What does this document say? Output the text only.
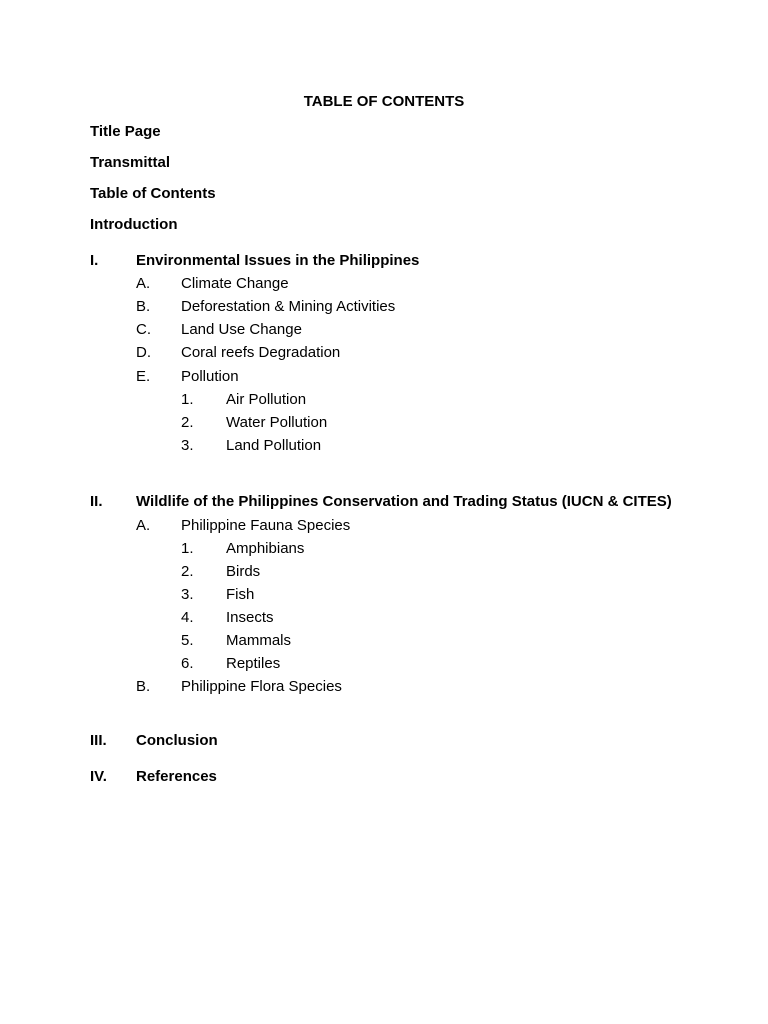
TABLE OF CONTENTS
Title Page
Transmittal
Table of Contents
Introduction
I.	Environmental Issues in the Philippines
A. Climate Change
B. Deforestation & Mining Activities
C. Land Use Change
D. Coral reefs Degradation
E. Pollution
1. Air Pollution
2. Water Pollution
3. Land Pollution
II. Wildlife of the Philippines Conservation and Trading Status (IUCN & CITES)
A. Philippine Fauna Species
1. Amphibians
2. Birds
3. Fish
4. Insects
5. Mammals
6. Reptiles
B. Philippine Flora Species
III. Conclusion
IV. References
